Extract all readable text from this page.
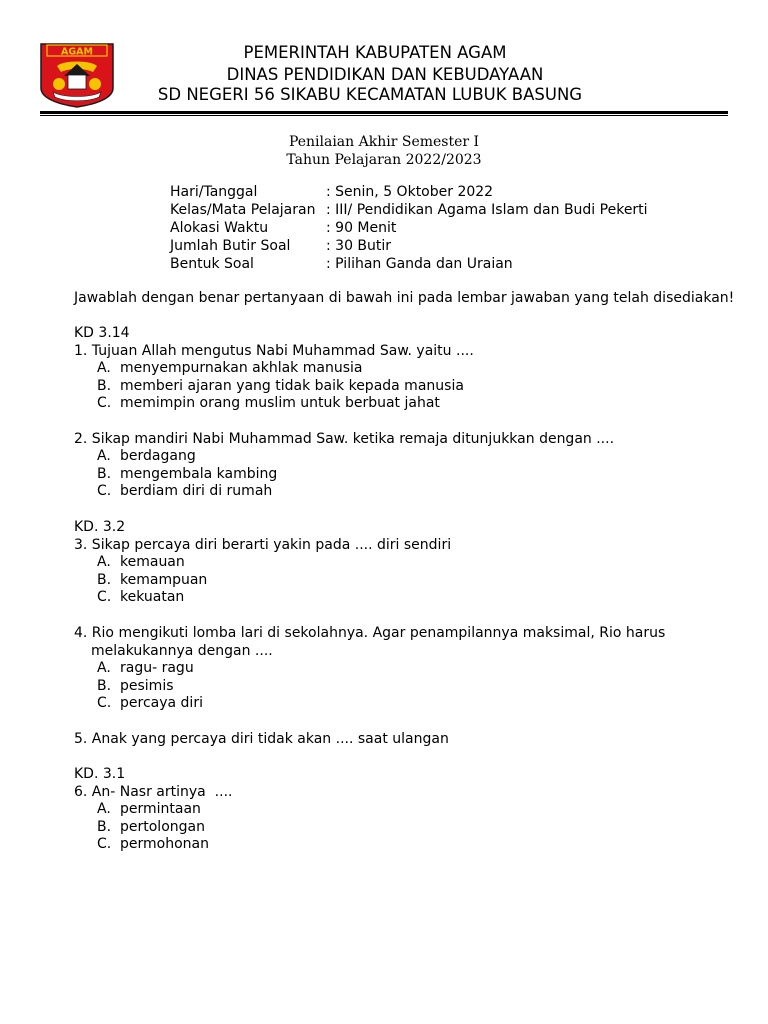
AGAM	PEMERINTAH KABUPATEN AGAM
DINAS PENDIDIKAN DAN KEBUDAYAAN
SD NEGERI 56 SIKABU KECAMATAN LUBUK BASUNG
Penilaian Akhir Semester I
Tahun Pelajaran 2022/2023
Hari/Tanggal	: Senin, 5 Oktober 2022
Kelas/Mata Pelajaran : III/ Pendidikan Agama Islam dan Budi Pekerti
Alokasi Waktu	: 90 Menit
Jumlah Butir Soal	: 30 Butir
Bentuk Soal	: Pilihan Ganda dan Uraian
Jawablah dengan benar pertanyaan di bawah ini pada lembar jawaban yang telah disediakan!
KD 3.14
1. Tujuan Allah mengutus Nabi Muhammad Saw. yaitu ....
A. menyempurnakan akhlak manusia
B. memberi ajaran yang tidak baik kepada manusia
C. memimpin orang muslim untuk berbuat jahat
2. Sikap mandiri Nabi Muhammad Saw. ketika remaja ditunjukkan dengan ....
A. berdagang
B. mengembala kambing
C. berdiam diri di rumah
KD. 3.2
3. Sikap percaya diri berarti yakin pada .... diri sendiri
A. kemauan
B. kemampuan
C. kekuatan
4. Rio mengikuti lomba lari di sekolahnya. Agar penampilannya maksimal, Rio harus melakukannya dengan ....
A. ragu- ragu
B. pesimis
C. percaya diri
5. Anak yang percaya diri tidak akan .... saat ulangan
KD. 3.1
6. An- Nasr artinya  ....
A. permintaan
B. pertolongan
C. permohonan
